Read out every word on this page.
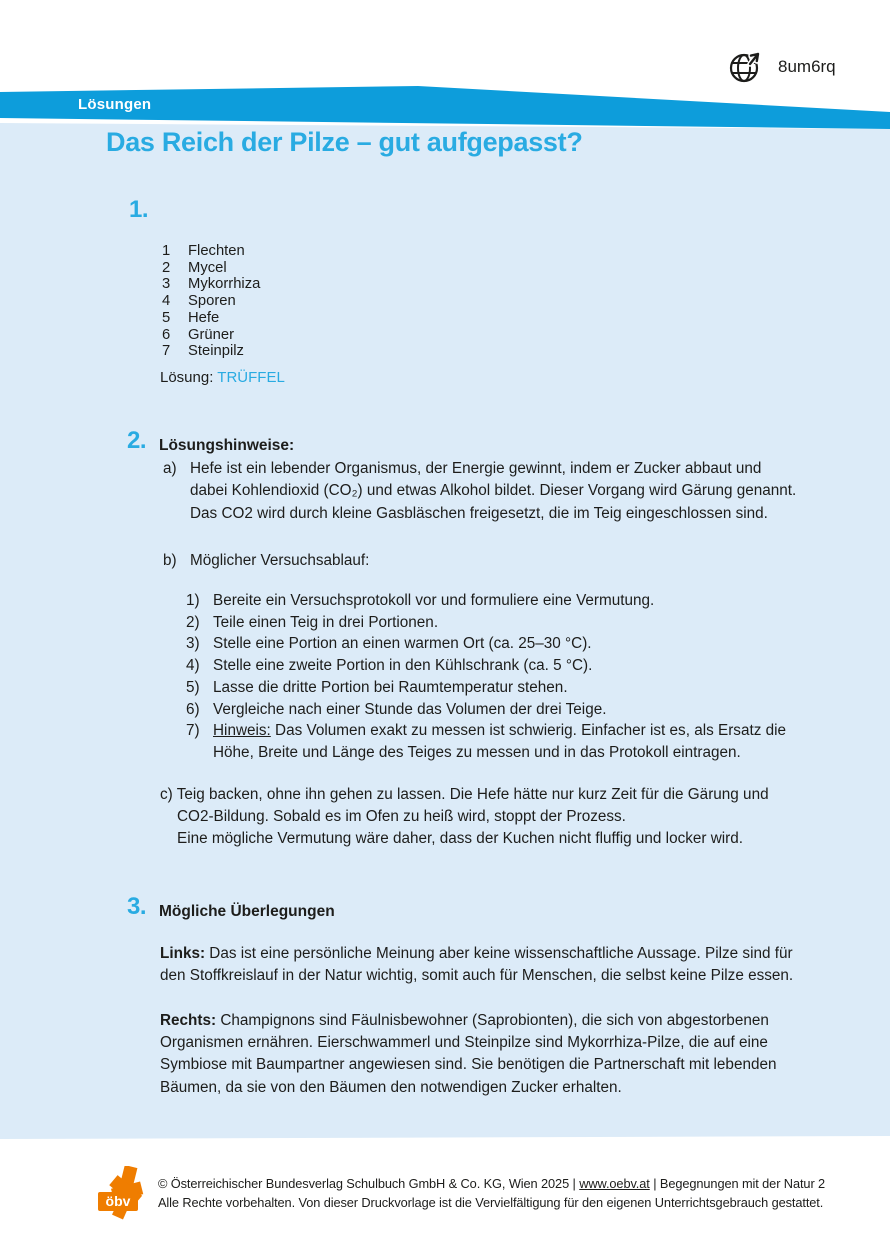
8um6rq
Lösungen
Das Reich der Pilze – gut aufgepasst?
1.
1	Flechten
2	Mycel
3	Mykorrhiza
4	Sporen
5	Hefe
6	Grüner
7	Steinpilz
Lösung: TRÜFFEL
2. Lösungshinweise:
a) Hefe ist ein lebender Organismus, der Energie gewinnt, indem er Zucker abbaut und
dabei Kohlendioxid (CO₂) und etwas Alkohol bildet. Dieser Vorgang wird Gärung genannt.
Das CO2 wird durch kleine Gasbläschen freigesetzt, die im Teig eingeschlossen sind.
b) Möglicher Versuchsablauf:
1) Bereite ein Versuchsprotokoll vor und formuliere eine Vermutung.
2) Teile einen Teig in drei Portionen.
3) Stelle eine Portion an einen warmen Ort (ca. 25–30 °C).
4) Stelle eine zweite Portion in den Kühlschrank (ca. 5 °C).
5) Lasse die dritte Portion bei Raumtemperatur stehen.
6) Vergleiche nach einer Stunde das Volumen der drei Teige.
7) Hinweis: Das Volumen exakt zu messen ist schwierig. Einfacher ist es, als Ersatz die
Höhe, Breite und Länge des Teiges zu messen und in das Protokoll eintragen.
c) Teig backen, ohne ihn gehen zu lassen. Die Hefe hätte nur kurz Zeit für die Gärung und
CO2-Bildung. Sobald es im Ofen zu heiß wird, stoppt der Prozess.
Eine mögliche Vermutung wäre daher, dass der Kuchen nicht fluffig und locker wird.
3. Mögliche Überlegungen
Links: Das ist eine persönliche Meinung aber keine wissenschaftliche Aussage. Pilze sind für
den Stoffkreislauf in der Natur wichtig, somit auch für Menschen, die selbst keine Pilze essen.
Rechts: Champignons sind Fäulnisbewohner (Saprobionten), die sich von abgestorbenen
Organismen ernähren. Eierschwammerl und Steinpilze sind Mykorrhiza-Pilze, die auf eine
Symbiose mit Baumpartner angewiesen sind. Sie benötigen die Partnerschaft mit lebenden
Bäumen, da sie von den Bäumen den notwendigen Zucker erhalten.
öbv
© Österreichischer Bundesverlag Schulbuch GmbH & Co. KG, Wien 2025 | www.oebv.at | Begegnungen mit der Natur 2
Alle Rechte vorbehalten. Von dieser Druckvorlage ist die Vervielfältigung für den eigenen Unterrichtsgebrauch gestattet.
